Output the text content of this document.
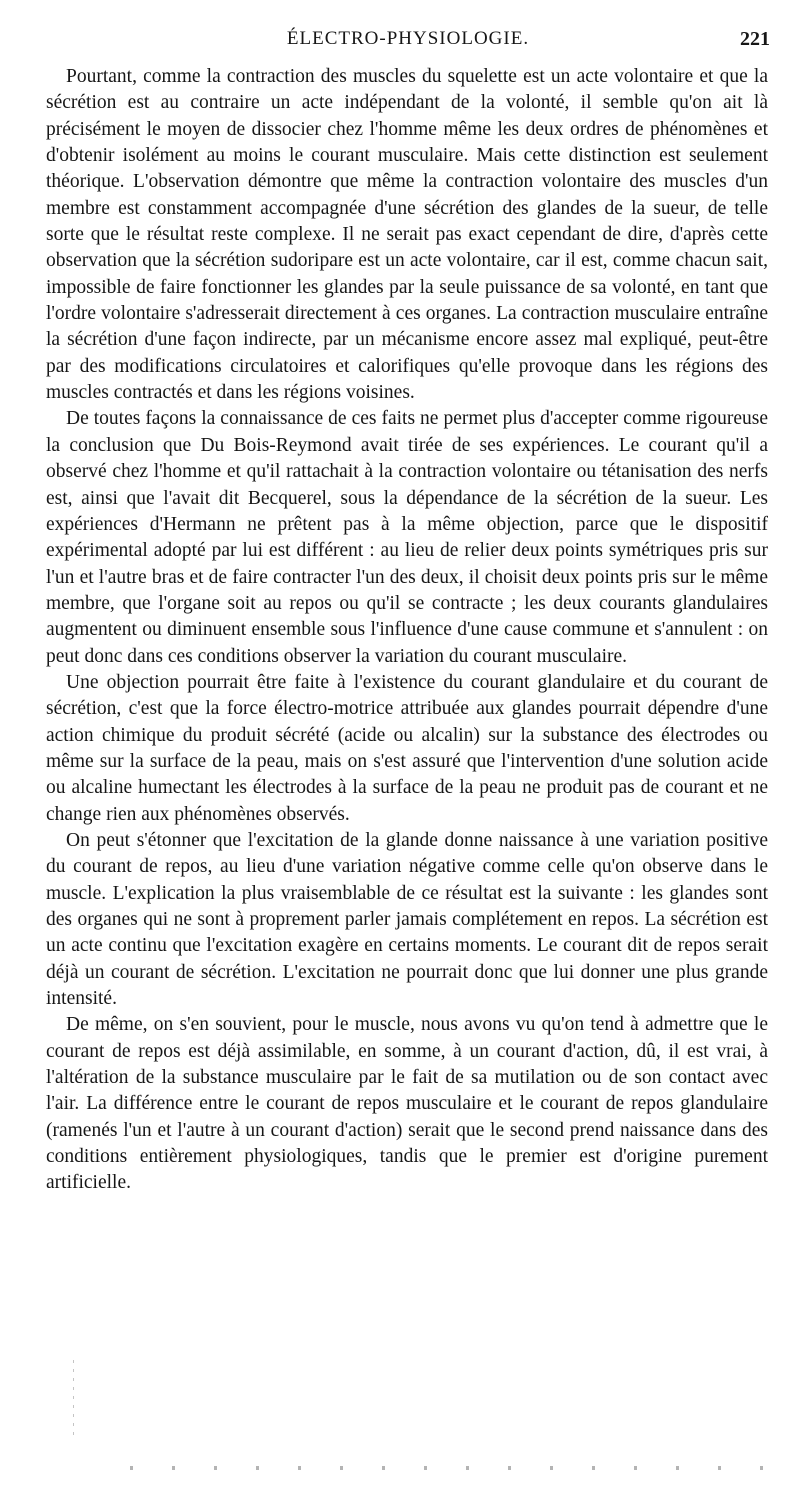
ÉLECTRO-PHYSIOLOGIE.	221

Pourtant, comme la contraction des muscles du squelette est un acte volontaire et que la sécrétion est au contraire un acte indépendant de la volonté, il semble qu'on ait là précisément le moyen de dissocier chez l'homme même les deux ordres de phénomènes et d'obtenir isolément au moins le courant musculaire. Mais cette distinction est seulement théorique. L'observation démontre que même la contraction volontaire des muscles d'un membre est constamment accompagnée d'une sécrétion des glandes de la sueur, de telle sorte que le résultat reste complexe. Il ne serait pas exact cependant de dire, d'après cette observation que la sécrétion sudoripare est un acte volontaire, car il est, comme chacun sait, impossible de faire fonctionner les glandes par la seule puissance de sa volonté, en tant que l'ordre volontaire s'adresserait directement à ces organes. La contraction musculaire entraîne la sécrétion d'une façon indirecte, par un mécanisme encore assez mal expliqué, peut-être par des modifications circulatoires et calorifiques qu'elle provoque dans les régions des muscles contractés et dans les régions voisines.

De toutes façons la connaissance de ces faits ne permet plus d'accepter comme rigoureuse la conclusion que Du Bois-Reymond avait tirée de ses expériences. Le courant qu'il a observé chez l'homme et qu'il rattachait à la contraction volontaire ou tétanisation des nerfs est, ainsi que l'avait dit Becquerel, sous la dépendance de la sécrétion de la sueur. Les expériences d'Hermann ne prêtent pas à la même objection, parce que le dispositif expérimental adopté par lui est différent : au lieu de relier deux points symétriques pris sur l'un et l'autre bras et de faire contracter l'un des deux, il choisit deux points pris sur le même membre, que l'organe soit au repos ou qu'il se contracte ; les deux courants glandulaires augmentent ou diminuent ensemble sous l'influence d'une cause commune et s'annulent : on peut donc dans ces conditions observer la variation du courant musculaire.

Une objection pourrait être faite à l'existence du courant glandulaire et du courant de sécrétion, c'est que la force électro-motrice attribuée aux glandes pourrait dépendre d'une action chimique du produit sécrété (acide ou alcalin) sur la substance des électrodes ou même sur la surface de la peau, mais on s'est assuré que l'intervention d'une solution acide ou alcaline humectant les électrodes à la surface de la peau ne produit pas de courant et ne change rien aux phénomènes observés.

On peut s'étonner que l'excitation de la glande donne naissance à une variation positive du courant de repos, au lieu d'une variation négative comme celle qu'on observe dans le muscle. L'explication la plus vraisemblable de ce résultat est la suivante : les glandes sont des organes qui ne sont à proprement parler jamais complétement en repos. La sécrétion est un acte continu que l'excitation exagère en certains moments. Le courant dit de repos serait déjà un courant de sécrétion. L'excitation ne pourrait donc que lui donner une plus grande intensité.

De même, on s'en souvient, pour le muscle, nous avons vu qu'on tend à admettre que le courant de repos est déjà assimilable, en somme, à un courant d'action, dû, il est vrai, à l'altération de la substance musculaire par le fait de sa mutilation ou de son contact avec l'air. La différence entre le courant de repos musculaire et le courant de repos glandulaire (ramenés l'un et l'autre à un courant d'action) serait que le second prend naissance dans des conditions entièrement physiologiques, tandis que le premier est d'origine purement artificielle.
